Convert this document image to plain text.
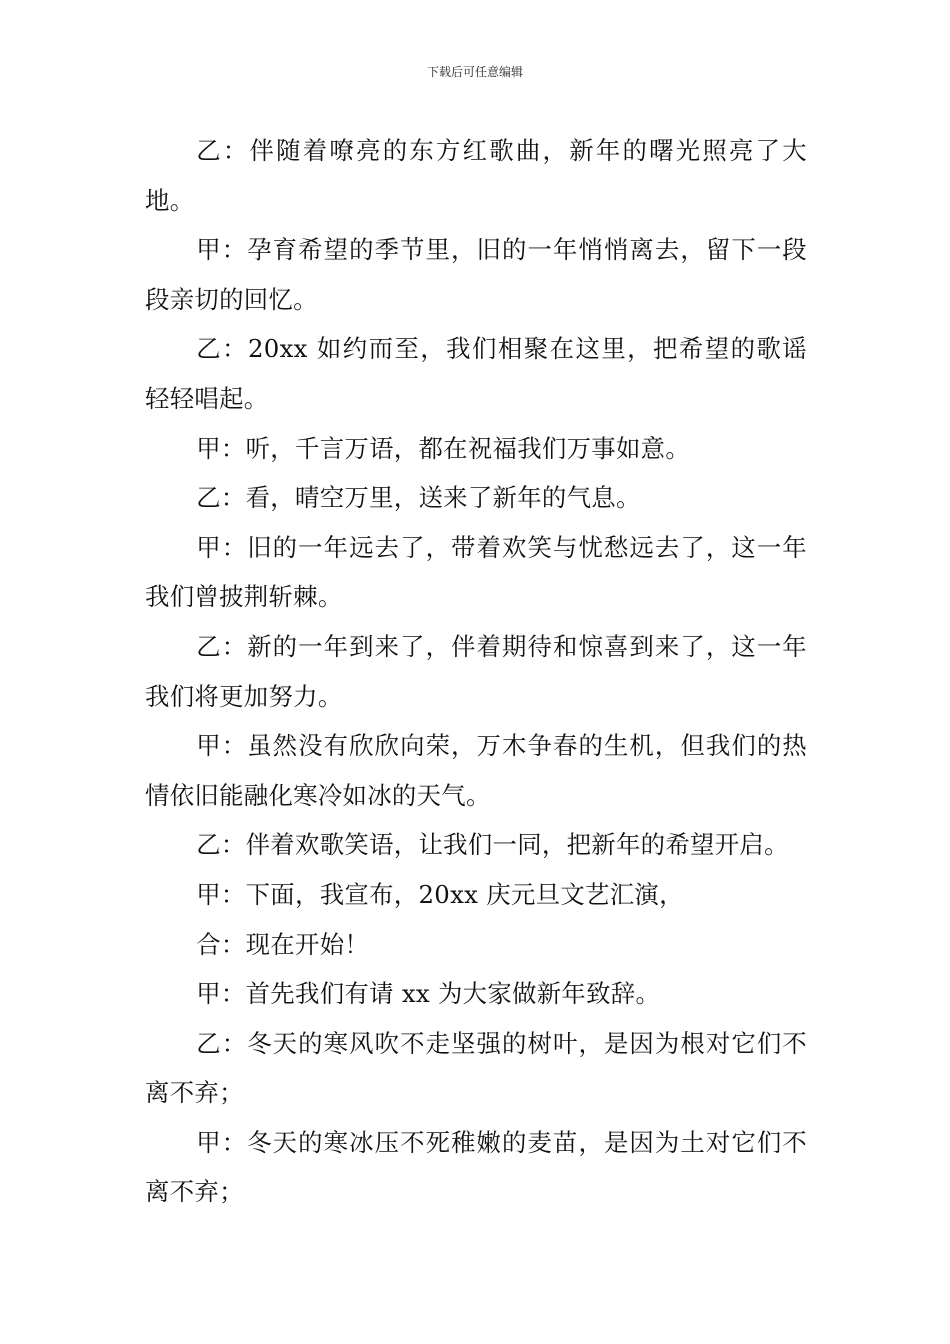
下载后可任意编辑

乙：伴随着嘹亮的东方红歌曲，新年的曙光照亮了大地。

甲：孕育希望的季节里，旧的一年悄悄离去，留下一段段亲切的回忆。

乙：20xx 如约而至，我们相聚在这里，把希望的歌谣轻轻唱起。

甲：听，千言万语，都在祝福我们万事如意。

乙：看，晴空万里，送来了新年的气息。

甲：旧的一年远去了，带着欢笑与忧愁远去了，这一年我们曾披荆斩棘。

乙：新的一年到来了，伴着期待和惊喜到来了，这一年我们将更加努力。

甲：虽然没有欣欣向荣，万木争春的生机，但我们的热情依旧能融化寒冷如冰的天气。

乙：伴着欢歌笑语，让我们一同，把新年的希望开启。

甲：下面，我宣布，20xx 庆元旦文艺汇演，

合：现在开始！

甲：首先我们有请 xx 为大家做新年致辞。

乙：冬天的寒风吹不走坚强的树叶，是因为根对它们不离不弃；

甲：冬天的寒冰压不死稚嫩的麦苗，是因为土对它们不离不弃；
